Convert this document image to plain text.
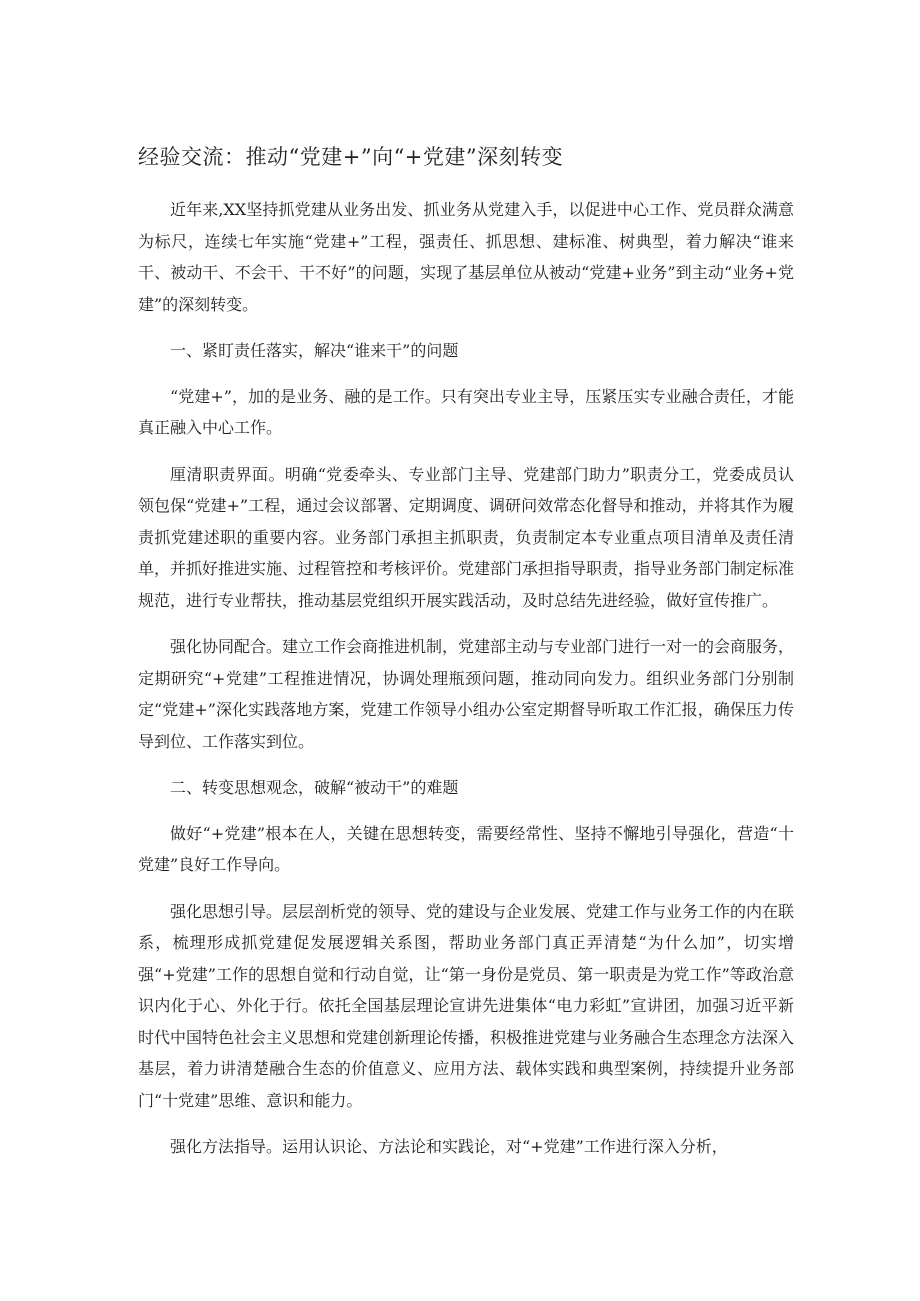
经验交流：推动“党建+”向“+党建”深刻转变

近年来,XX坚持抓党建从业务出发、抓业务从党建入手，以促进中心工作、党员群众满意为标尺，连续七年实施“党建+”工程，强责任、抓思想、建标准、树典型，着力解决“谁来干、被动干、不会干、干不好”的问题，实现了基层单位从被动“党建+业务”到主动“业务+党建”的深刻转变。

一、紧盯责任落实，解决“谁来干”的问题

“党建+”，加的是业务、融的是工作。只有突出专业主导，压紧压实专业融合责任，才能真正融入中心工作。

厘清职责界面。明确“党委牵头、专业部门主导、党建部门助力”职责分工，党委成员认领包保“党建+”工程，通过会议部署、定期调度、调研问效常态化督导和推动，并将其作为履责抓党建述职的重要内容。业务部门承担主抓职责，负责制定本专业重点项目清单及责任清单，并抓好推进实施、过程管控和考核评价。党建部门承担指导职责，指导业务部门制定标准规范，进行专业帮扶，推动基层党组织开展实践活动，及时总结先进经验，做好宣传推广。

强化协同配合。建立工作会商推进机制，党建部主动与专业部门进行一对一的会商服务，定期研究“+党建”工程推进情况，协调处理瓶颈问题，推动同向发力。组织业务部门分别制定“党建+”深化实践落地方案，党建工作领导小组办公室定期督导听取工作汇报，确保压力传导到位、工作落实到位。

二、转变思想观念，破解“被动干”的难题

做好“+党建”根本在人，关键在思想转变，需要经常性、坚持不懈地引导强化，营造“十党建”良好工作导向。

强化思想引导。层层剖析党的领导、党的建设与企业发展、党建工作与业务工作的内在联系，梳理形成抓党建促发展逻辑关系图，帮助业务部门真正弄清楚“为什么加”，切实增强“+党建”工作的思想自觉和行动自觉，让“第一身份是党员、第一职责是为党工作”等政治意识内化于心、外化于行。依托全国基层理论宣讲先进集体“电力彩虹”宣讲团，加强习近平新时代中国特色社会主义思想和党建创新理论传播，积极推进党建与业务融合生态理念方法深入基层，着力讲清楚融合生态的价值意义、应用方法、载体实践和典型案例，持续提升业务部门“十党建”思维、意识和能力。

强化方法指导。运用认识论、方法论和实践论，对“+党建”工作进行深入分析，
